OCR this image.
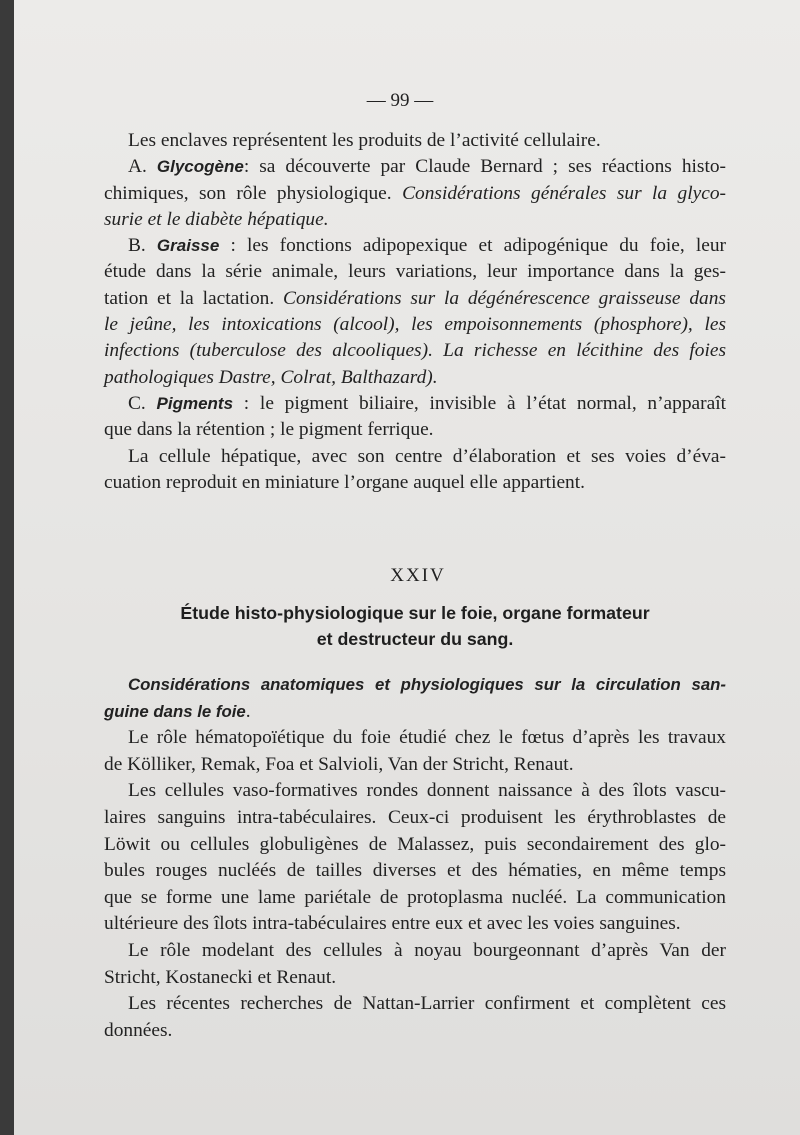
— 99 —
Les enclaves représentent les produits de l’activité cellulaire.
A. Glycogène: sa découverte par Claude Bernard ; ses réactions histo-
chimiques, son rôle physiologique. Considérations générales sur la glyco-
surie et le diabète hépatique.
B. Graisse : les fonctions adipopexique et adipogénique du foie, leur
étude dans la série animale, leurs variations, leur importance dans la ges-
tation et la lactation. Considérations sur la dégénérescence graisseuse dans
le jeûne, les intoxications (alcool), les empoisonnements (phosphore), les
infections (tuberculose des alcooliques). La richesse en lécithine des foies
pathologiques Dastre, Colrat, Balthazard).
C. Pigments : le pigment biliaire, invisible à l’état normal, n’apparaît
que dans la rétention ; le pigment ferrique.
La cellule hépatique, avec son centre d’élaboration et ses voies d’éva-
cuation reproduit en miniature l’organe auquel elle appartient.
XXIV
Étude histo-physiologique sur le foie, organe formateur
et destructeur du sang.
Considérations anatomiques et physiologiques sur la circulation san-
guine dans le foie.
Le rôle hématopoïétique du foie étudié chez le fœtus d’après les travaux
de Kölliker, Remak, Foa et Salvioli, Van der Stricht, Renaut.
Les cellules vaso-formatives rondes donnent naissance à des îlots vascu-
laires sanguins intra-tabéculaires. Ceux-ci produisent les érythroblastes de
Löwit ou cellules globuligènes de Malassez, puis secondairement des glo-
bules rouges nucléés de tailles diverses et des hématies, en même temps
que se forme une lame pariétale de protoplasma nucléé. La communication
ultérieure des îlots intra-tabéculaires entre eux et avec les voies sanguines.
Le rôle modelant des cellules à noyau bourgeonnant d’après Van der
Stricht, Kostanecki et Renaut.
Les récentes recherches de Nattan-Larrier confirment et complètent ces
données.
